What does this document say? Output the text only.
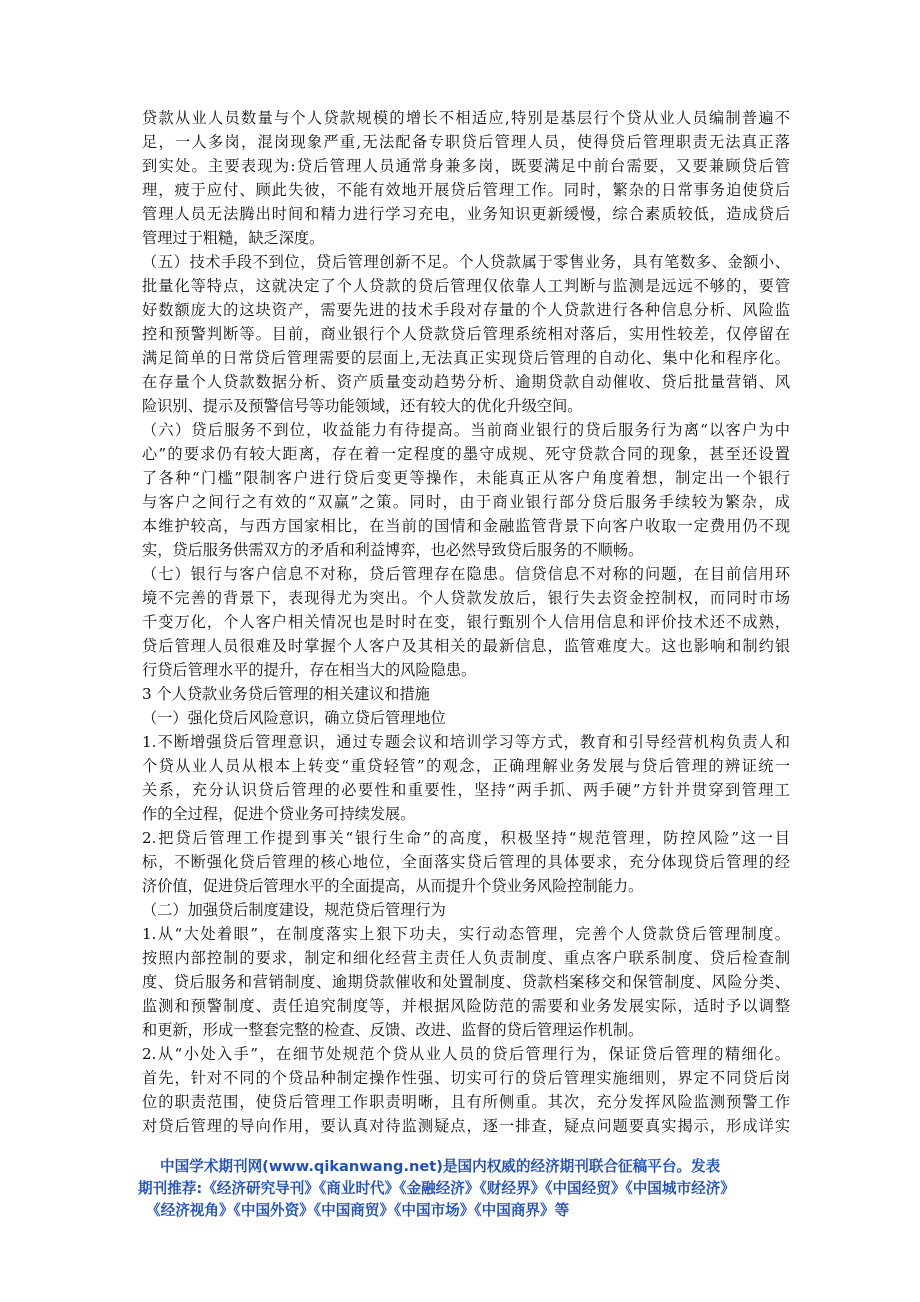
贷款从业人员数量与个人贷款规模的增长不相适应,特别是基层行个贷从业人员编制普遍不
足，一人多岗，混岗现象严重,无法配备专职贷后管理人员，使得贷后管理职责无法真正落
到实处。主要表现为:贷后管理人员通常身兼多岗，既要满足中前台需要，又要兼顾贷后管
理，疲于应付、顾此失彼，不能有效地开展贷后管理工作。同时，繁杂的日常事务迫使贷后
管理人员无法腾出时间和精力进行学习充电，业务知识更新缓慢，综合素质较低，造成贷后
管理过于粗糙，缺乏深度。
（五）技术手段不到位，贷后管理创新不足。个人贷款属于零售业务，具有笔数多、金额小、
批量化等特点，这就决定了个人贷款的贷后管理仅依靠人工判断与监测是远远不够的，要管
好数额庞大的这块资产，需要先进的技术手段对存量的个人贷款进行各种信息分析、风险监
控和预警判断等。目前，商业银行个人贷款贷后管理系统相对落后，实用性较差，仅停留在
满足简单的日常贷后管理需要的层面上,无法真正实现贷后管理的自动化、集中化和程序化。
在存量个人贷款数据分析、资产质量变动趋势分析、逾期贷款自动催收、贷后批量营销、风
险识别、提示及预警信号等功能领域，还有较大的优化升级空间。
（六）贷后服务不到位，收益能力有待提高。当前商业银行的贷后服务行为离“以客户为中
心”的要求仍有较大距离，存在着一定程度的墨守成规、死守贷款合同的现象，甚至还设置
了各种“门槛”限制客户进行贷后变更等操作，未能真正从客户角度着想，制定出一个银行
与客户之间行之有效的“双赢”之策。同时，由于商业银行部分贷后服务手续较为繁杂，成
本维护较高，与西方国家相比，在当前的国情和金融监管背景下向客户收取一定费用仍不现
实，贷后服务供需双方的矛盾和利益博弈，也必然导致贷后服务的不顺畅。
（七）银行与客户信息不对称，贷后管理存在隐患。信贷信息不对称的问题，在目前信用环
境不完善的背景下，表现得尤为突出。个人贷款发放后，银行失去资金控制权，而同时市场
千变万化，个人客户相关情况也是时时在变，银行甄别个人信用信息和评价技术还不成熟，
贷后管理人员很难及时掌握个人客户及其相关的最新信息，监管难度大。这也影响和制约银
行贷后管理水平的提升，存在相当大的风险隐患。
3 个人贷款业务贷后管理的相关建议和措施
（一）强化贷后风险意识，确立贷后管理地位
1.不断增强贷后管理意识，通过专题会议和培训学习等方式，教育和引导经营机构负责人和
个贷从业人员从根本上转变“重贷轻管”的观念，正确理解业务发展与贷后管理的辨证统一
关系，充分认识贷后管理的必要性和重要性，坚持“两手抓、两手硬”方针并贯穿到管理工
作的全过程，促进个贷业务可持续发展。
2.把贷后管理工作提到事关“银行生命”的高度，积极坚持“规范管理，防控风险”这一目
标，不断强化贷后管理的核心地位，全面落实贷后管理的具体要求，充分体现贷后管理的经
济价值，促进贷后管理水平的全面提高，从而提升个贷业务风险控制能力。
（二）加强贷后制度建设，规范贷后管理行为
1.从“大处着眼”，在制度落实上狠下功夫，实行动态管理，完善个人贷款贷后管理制度。
按照内部控制的要求，制定和细化经营主责任人负责制度、重点客户联系制度、贷后检查制
度、贷后服务和营销制度、逾期贷款催收和处置制度、贷款档案移交和保管制度、风险分类、
监测和预警制度、责任追究制度等，并根据风险防范的需要和业务发展实际，适时予以调整
和更新，形成一整套完整的检查、反馈、改进、监督的贷后管理运作机制。
2.从“小处入手”，在细节处规范个贷从业人员的贷后管理行为，保证贷后管理的精细化。
首先，针对不同的个贷品种制定操作性强、切实可行的贷后管理实施细则，界定不同贷后岗
位的职责范围，使贷后管理工作职责明晰，且有所侧重。其次，充分发挥风险监测预警工作
对贷后管理的导向作用，要认真对待监测疑点，逐一排查，疑点问题要真实揭示，形成详实
中国学术期刊网(www.qikanwang.net)是国内权威的经济期刊联合征稿平台。发表
期刊推荐:《经济研究导刊》《商业时代》《金融经济》《财经界》《中国经贸》《中国城市经济》
《经济视角》《中国外资》《中国商贸》《中国市场》《中国商界》等
